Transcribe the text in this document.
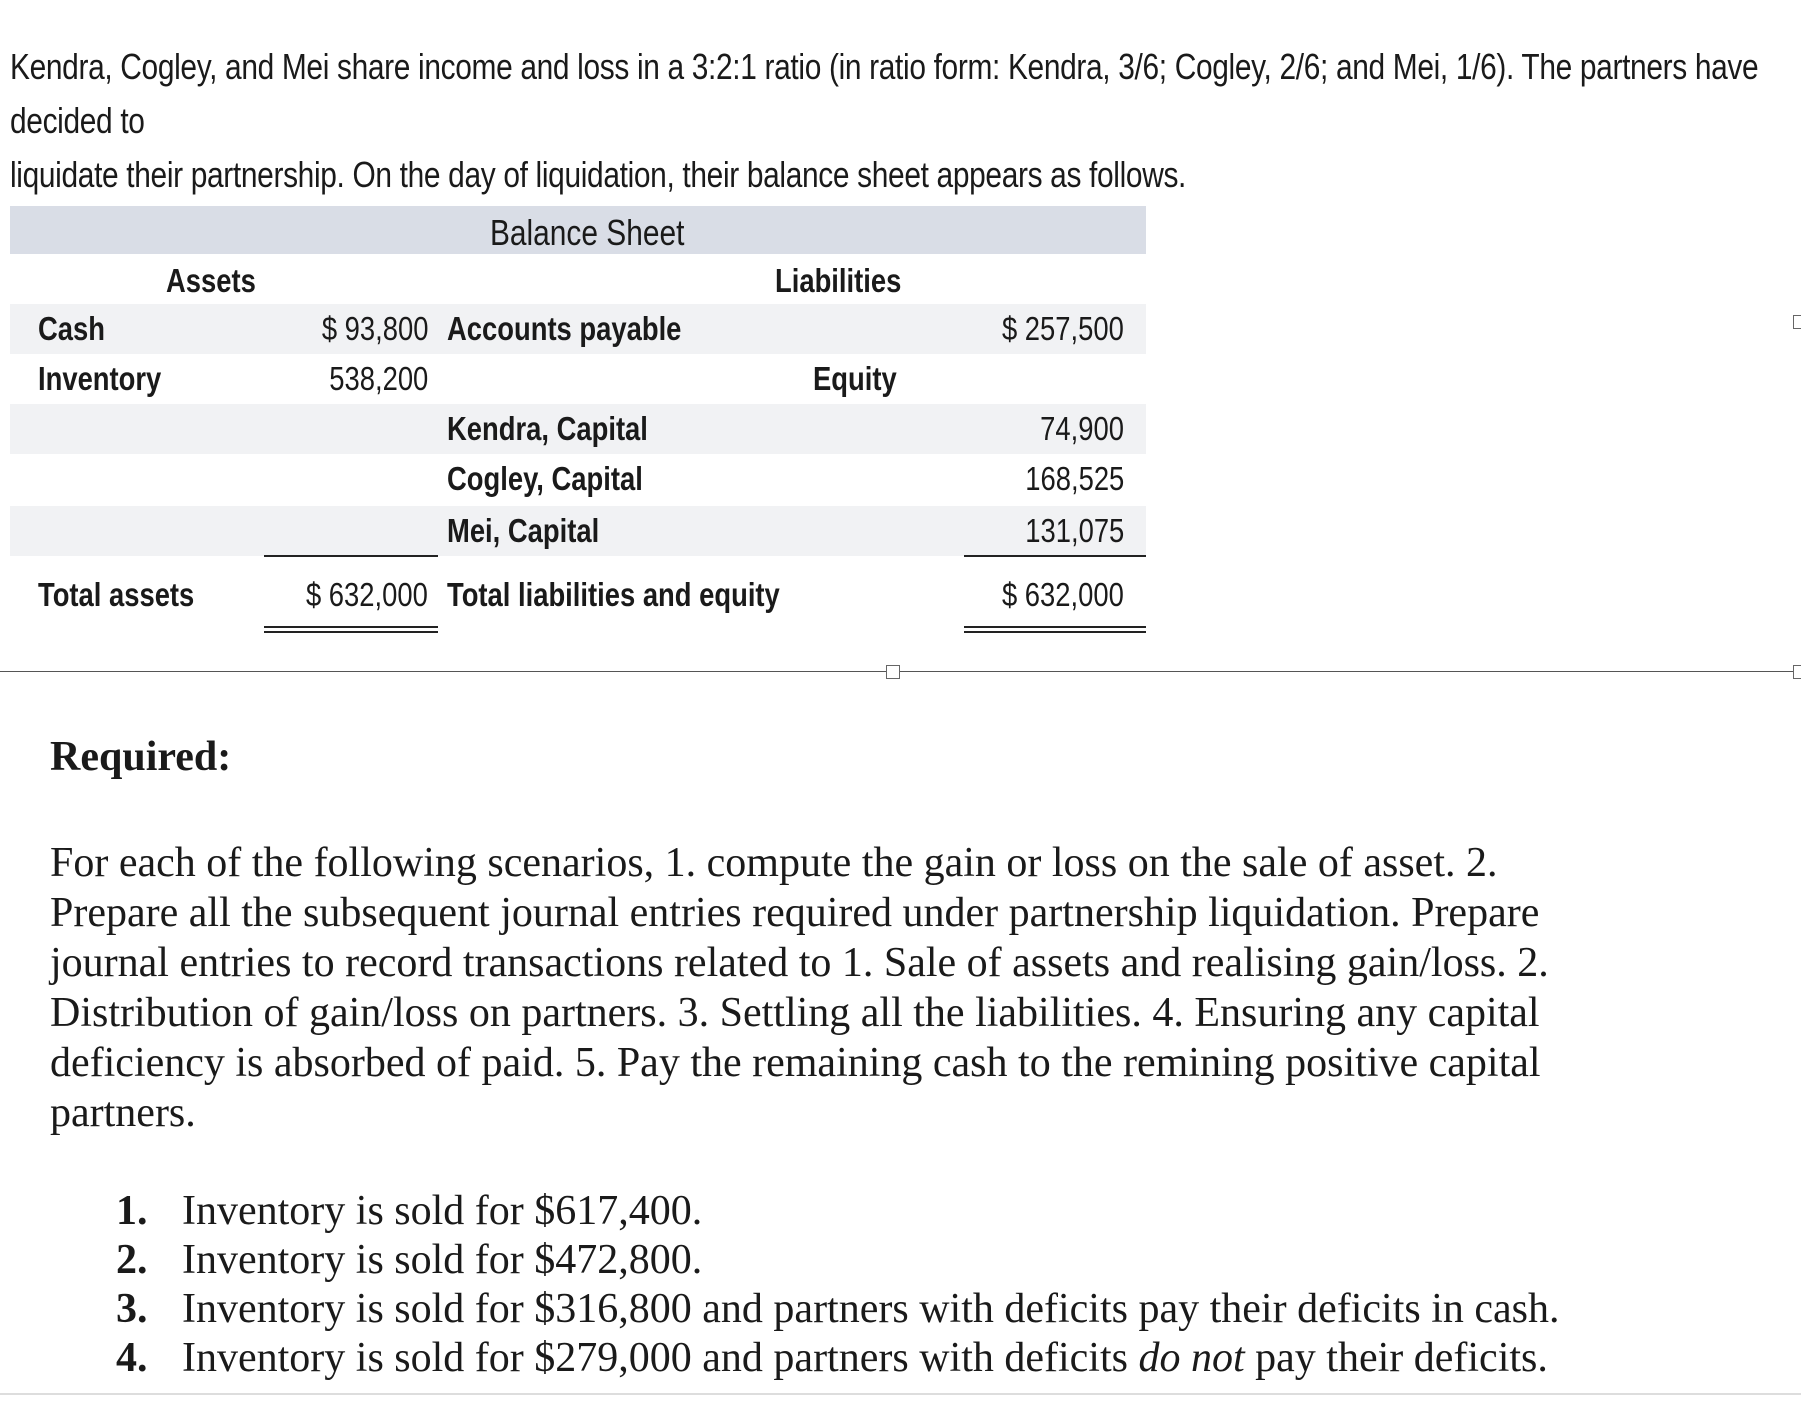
Kendra, Cogley, and Mei share income and loss in a 3:2:1 ratio (in ratio form: Kendra, 3/6; Cogley, 2/6; and Mei, 1/6). The partners have decided to
liquidate their partnership. On the day of liquidation, their balance sheet appears as follows.
Balance Sheet
Assets	Liabilities
Cash	$ 93,800 Accounts payable	$ 257,500
Inventory	538,200	Equity
Kendra, Capital	74,900
Cogley, Capital	168,525
Mei, Capital	131,075
Total assets	$ 632,000 Total liabilities and equity	$ 632,000
Required:
For each of the following scenarios, 1. compute the gain or loss on the sale of asset. 2. Prepare all the subsequent journal entries required under partnership liquidation. Prepare journal entries to record transactions related to 1. Sale of assets and realising gain/loss. 2. Distribution of gain/loss on partners. 3. Settling all the liabilities. 4. Ensuring any capital deficiency is absorbed of paid. 5. Pay the remaining cash to the remining positive capital partners.
1. Inventory is sold for $617,400.
2. Inventory is sold for $472,800.
3. Inventory is sold for $316,800 and partners with deficits pay their deficits in cash.
4. Inventory is sold for $279,000 and partners with deficits do not pay their deficits.
